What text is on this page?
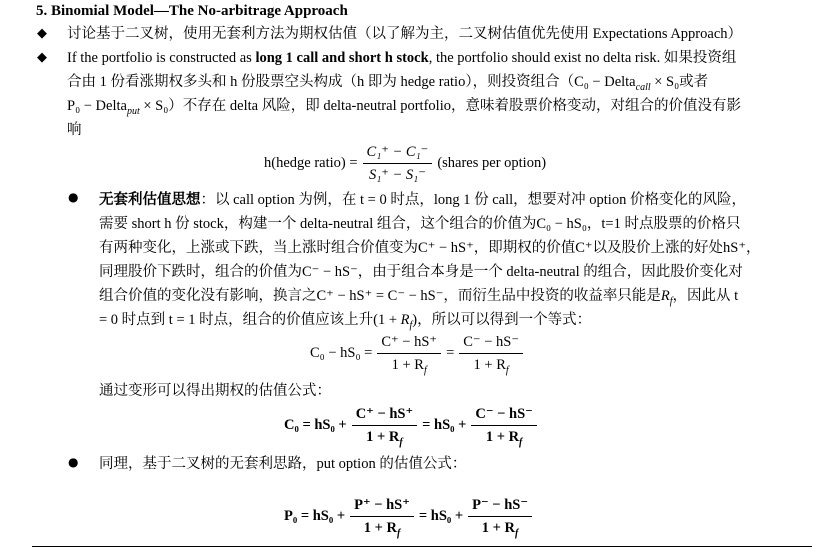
5. Binomial Model—The No-arbitrage Approach
◆ 讨论基于二叉树，使用无套利方法为期权估值（以了解为主，二叉树估值优先使用 Expectations Approach）
◆ If the portfolio is constructed as long 1 call and short h stock, the portfolio should exist no delta risk. 如果投资组
合由 1 份看涨期权多头和 h 份股票空头构成（h 即为 hedge ratio），则投资组合（C₀ − Delta$_{call}$ × S₀或者
P₀ − Delta$_{put}$ × S₀）不存在 delta 风险，即 delta-neutral portfolio，意味着股票价格变动，对组合的价值没有影
响
h(hedge ratio) = $\frac{\text{C₁⁺ − C₁⁻}}{\text{S₁⁺ − S₁⁻}}$ (shares per option)
● 无套利估值思想：以 call option 为例，在 t = 0 时点，long 1 份 call，想要对冲 option 价格变化的风险，
需要 short h 份 stock，构建一个 delta-neutral 组合，这个组合的价值为C₀ − hS₀，t=1 时点股票的价格只
有两种变化，上涨或下跌，当上涨时组合价值变为C⁺ − hS⁺，即期权的价值C⁺以及股价上涨的好处hS⁺，
同理股价下跌时，组合的价值为C⁻ − hS⁻，由于组合本身是一个 delta-neutral 的组合，因此股价变化对
组合价值的变化没有影响，换言之C⁺ − hS⁺ = C⁻ − hS⁻，而衍生品中投资的收益率只能是$R_f$，因此从 t
= 0 时点到 t = 1 时点，组合的价值应该上升$(1 + R_f)$，所以可以得到一个等式：
$C_0 - hS_0 = \frac{C^+ - hS^+}{1 + R_f} = \frac{C^- - hS^-}{1 + R_f}$
通过变形可以得出期权的估值公式：
$C_0 = hS_0 + \frac{C^+ - hS^+}{1 + R_f} = hS_0 + \frac{C^- - hS^-}{1 + R_f}$
● 同理，基于二叉树的无套利思路，put option 的估值公式：
$P_0 = hS_0 + \frac{P^+ - hS^+}{1 + R_f} = hS_0 + \frac{P^- - hS^-}{1 + R_f}$
